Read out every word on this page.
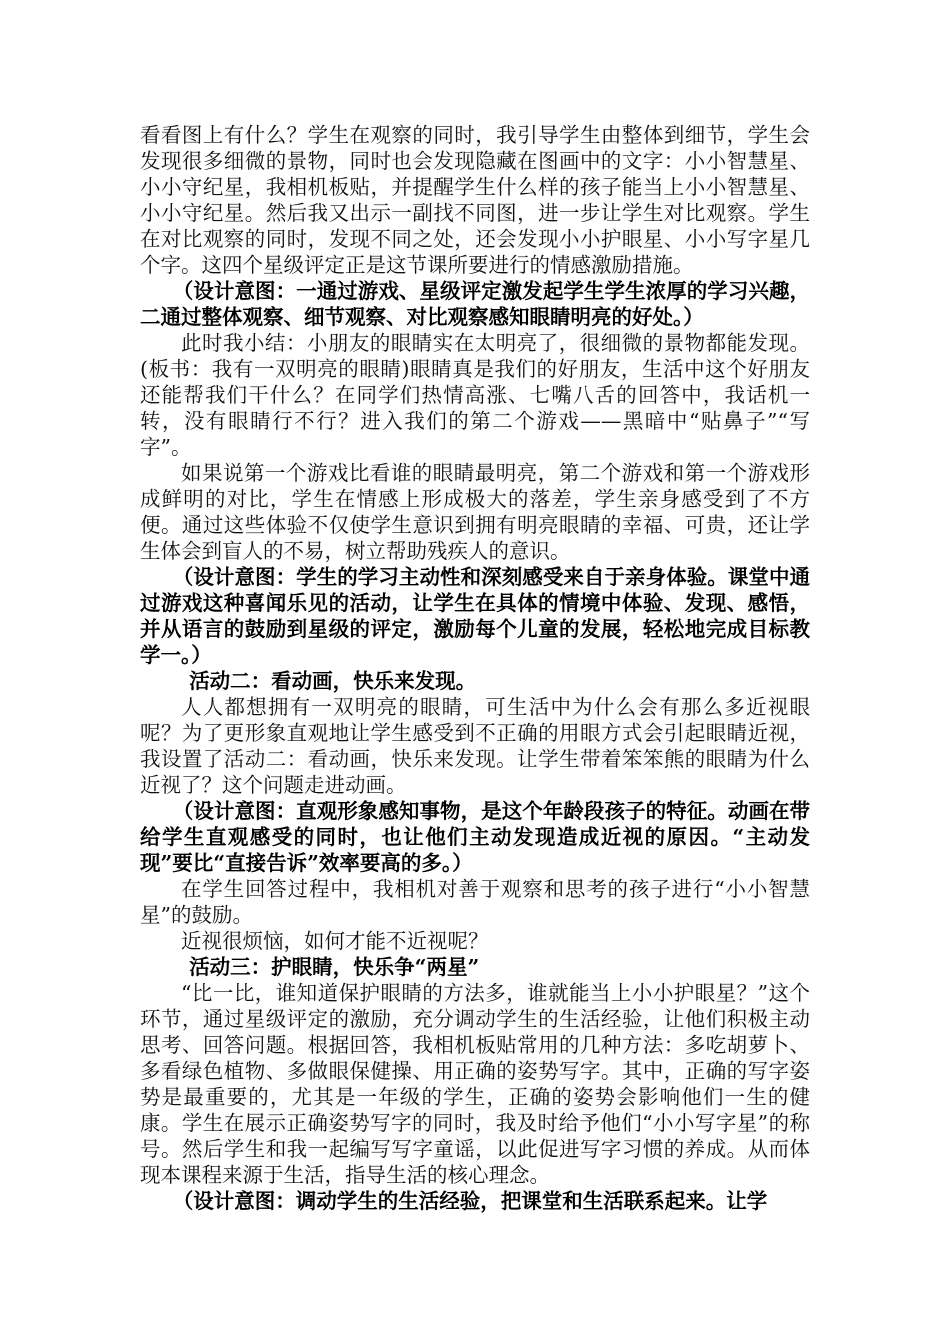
看看图上有什么？学生在观察的同时，我引导学生由整体到细节，学生会发现很多细微的景物，同时也会发现隐藏在图画中的文字：小小智慧星、小小守纪星，我相机板贴，并提醒学生什么样的孩子能当上小小智慧星、小小守纪星。然后我又出示一副找不同图，进一步让学生对比观察。学生在对比观察的同时，发现不同之处，还会发现小小护眼星、小小写字星几个字。这四个星级评定正是这节课所要进行的情感激励措施。

（设计意图：一通过游戏、星级评定激发起学生学生浓厚的学习兴趣，二通过整体观察、细节观察、对比观察感知眼睛明亮的好处。）

此时我小结：小朋友的眼睛实在太明亮了，很细微的景物都能发现。(板书：我有一双明亮的眼睛)眼睛真是我们的好朋友，生活中这个好朋友还能帮我们干什么？在同学们热情高涨、七嘴八舌的回答中，我话机一转，没有眼睛行不行？进入我们的第二个游戏——黑暗中“贴鼻子”“写字”。

如果说第一个游戏比看谁的眼睛最明亮，第二个游戏和第一个游戏形成鲜明的对比，学生在情感上形成极大的落差，学生亲身感受到了不方便。通过这些体验不仅使学生意识到拥有明亮眼睛的幸福、可贵，还让学生体会到盲人的不易，树立帮助残疾人的意识。

（设计意图：学生的学习主动性和深刻感受来自于亲身体验。课堂中通过游戏这种喜闻乐见的活动，让学生在具体的情境中体验、发现、感悟，并从语言的鼓励到星级的评定，激励每个儿童的发展，轻松地完成目标教学一。）

活动二：看动画，快乐来发现。

人人都想拥有一双明亮的眼睛，可生活中为什么会有那么多近视眼呢？为了更形象直观地让学生感受到不正确的用眼方式会引起眼睛近视，我设置了活动二：看动画，快乐来发现。让学生带着笨笨熊的眼睛为什么近视了？这个问题走进动画。

（设计意图：直观形象感知事物，是这个年龄段孩子的特征。动画在带给学生直观感受的同时，也让他们主动发现造成近视的原因。“主动发现”要比“直接告诉”效率要高的多。）

在学生回答过程中，我相机对善于观察和思考的孩子进行“小小智慧星”的鼓励。

近视很烦恼，如何才能不近视呢？

活动三：护眼睛，快乐争“两星”

“比一比，谁知道保护眼睛的方法多，谁就能当上小小护眼星？”这个环节，通过星级评定的激励，充分调动学生的生活经验，让他们积极主动思考、回答问题。根据回答，我相机板贴常用的几种方法：多吃胡萝卜、多看绿色植物、多做眼保健操、用正确的姿势写字。其中，正确的写字姿势是最重要的，尤其是一年级的学生，正确的姿势会影响他们一生的健康。学生在展示正确姿势写字的同时，我及时给予他们“小小写字星”的称号。然后学生和我一起编写写字童谣，以此促进写字习惯的养成。从而体现本课程来源于生活，指导生活的核心理念。

（设计意图：调动学生的生活经验，把课堂和生活联系起来。让学
